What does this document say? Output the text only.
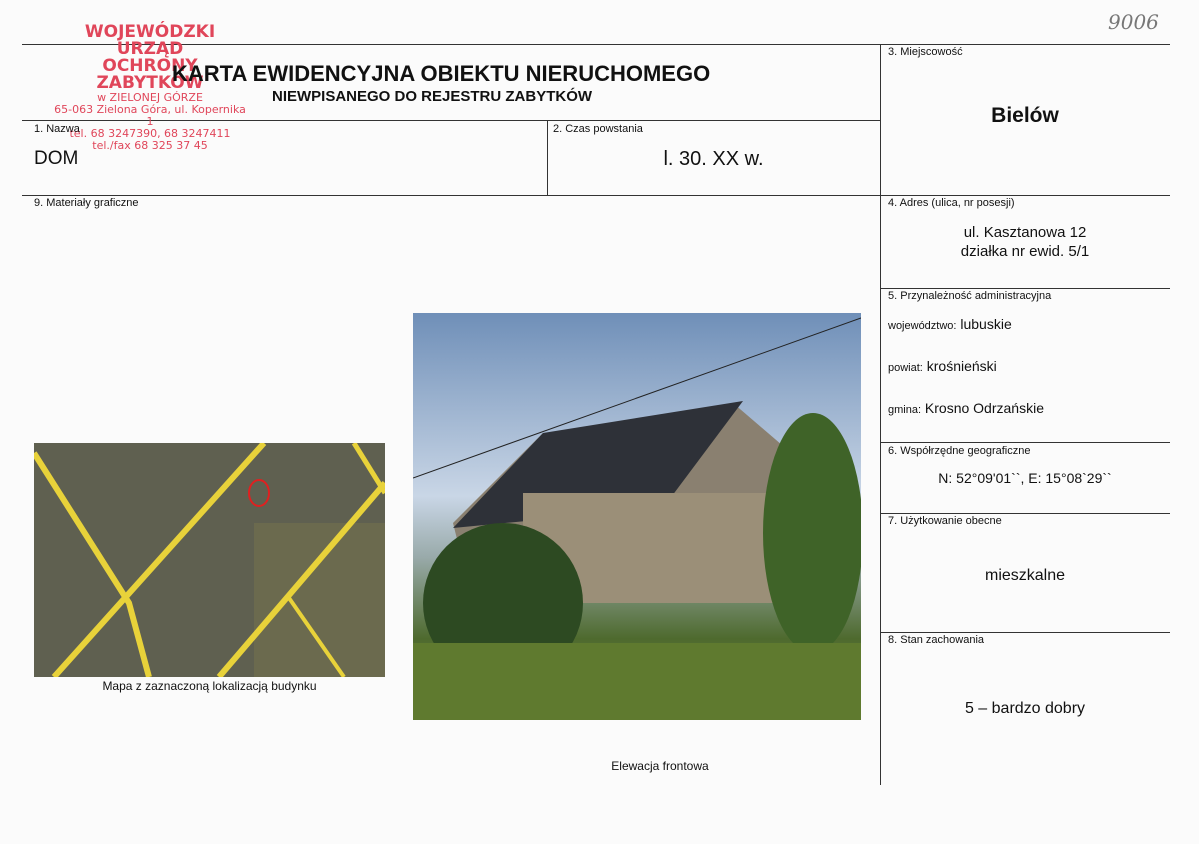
WOJEWÓDZKI URZĄD
OCHRONY ZABYTKÓW
w ZIELONEJ GÓRZE
65-063 Zielona Góra, ul. Kopernika 1
tel. 68 3247390, 68 3247411
tel./fax 68 325 37 45
9006
KARTA EWIDENCYJNA OBIEKTU NIERUCHOMEGO
NIEWPISANEGO DO REJESTRU ZABYTKÓW
1. Nazwa
DOM
2. Czas powstania
l. 30. XX w.
3. Miejscowość
Bielów
4. Adres (ulica, nr posesji)
ul. Kasztanowa 12
działka nr ewid. 5/1
5. Przynależność administracyjna
województwo: lubuskie
powiat: krośnieński
gmina: Krosno Odrzańskie
6. Współrzędne geograficzne
N: 52°09'01``, E: 15°08`29``
7. Użytkowanie obecne
mieszkalne
8. Stan zachowania
5 – bardzo dobry
9. Materiały graficzne
Mapa z zaznaczoną lokalizacją budynku
Elewacja frontowa
